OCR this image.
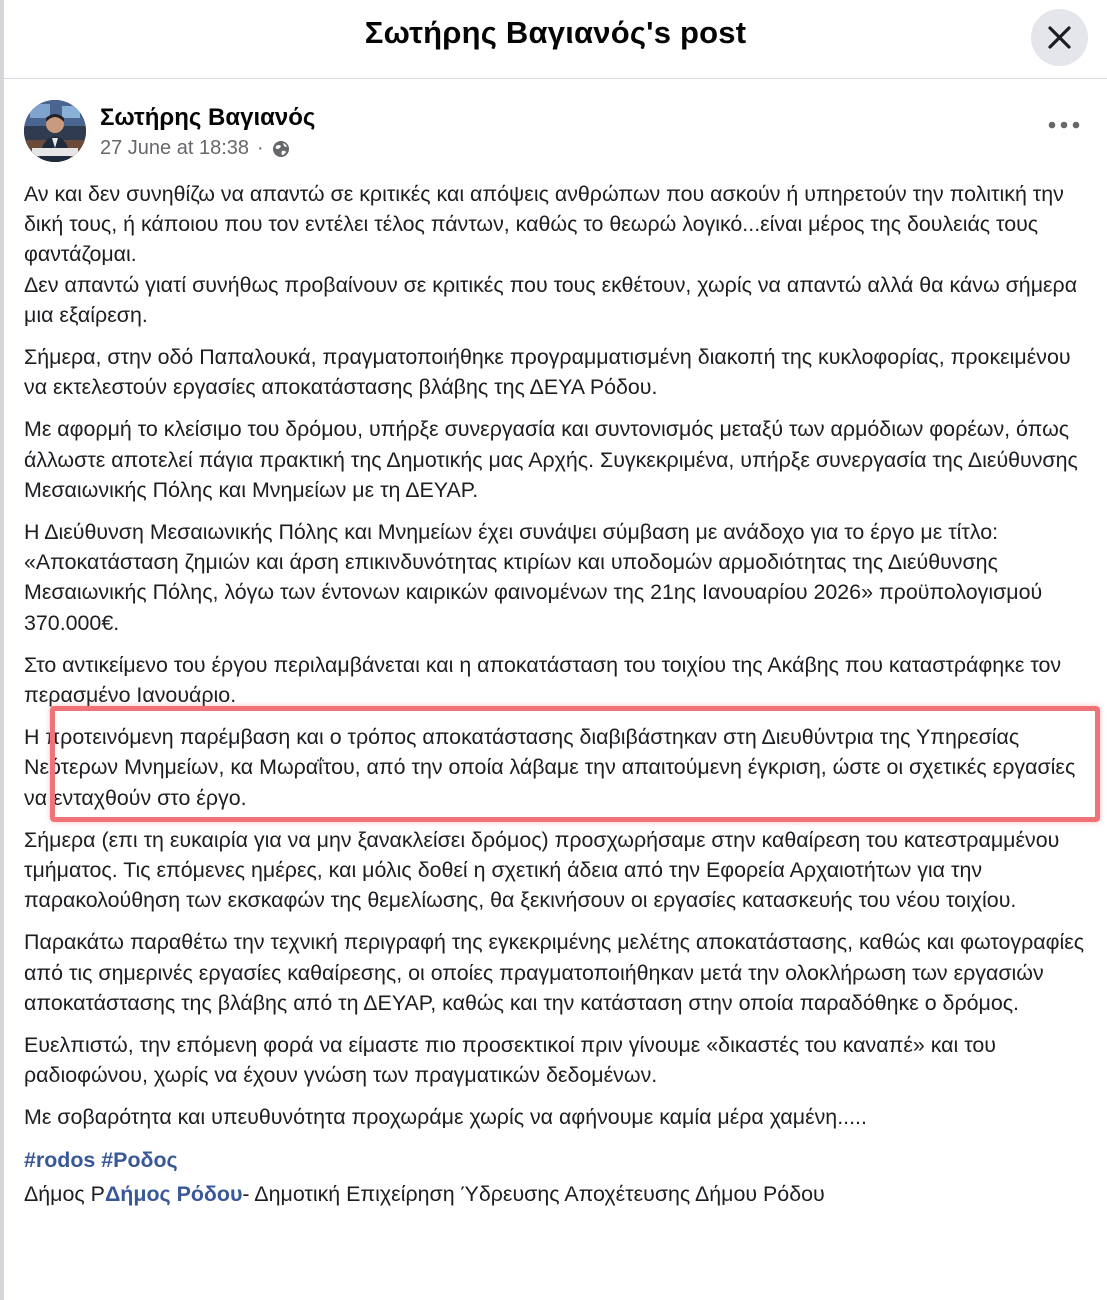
Σωτήρης Βαγιανός's post
Σωτήρης Βαγιανός
27 June at 18:38 ·

Αν και δεν συνηθίζω να απαντώ σε κριτικές και απόψεις ανθρώπων που ασκούν ή υπηρετούν την πολιτική την δική τους, ή κάποιου που τον εντέλει τέλος πάντων, καθώς το θεωρώ λογικό...είναι μέρος της δουλειάς τους φαντάζομαι.
Δεν απαντώ γιατί συνήθως προβαίνουν σε κριτικές που τους εκθέτουν, χωρίς να απαντώ αλλά θα κάνω σήμερα μια εξαίρεση.

Σήμερα, στην οδό Παπαλουκά, πραγματοποιήθηκε προγραμματισμένη διακοπή της κυκλοφορίας, προκειμένου να εκτελεστούν εργασίες αποκατάστασης βλάβης της ΔΕΥΑ Ρόδου.

Με αφορμή το κλείσιμο του δρόμου, υπήρξε συνεργασία και συντονισμός μεταξύ των αρμόδιων φορέων, όπως άλλωστε αποτελεί πάγια πρακτική της Δημοτικής μας Αρχής. Συγκεκριμένα, υπήρξε συνεργασία της Διεύθυνσης Μεσαιωνικής Πόλης και Μνημείων με τη ΔΕΥΑΡ.

Η Διεύθυνση Μεσαιωνικής Πόλης και Μνημείων έχει συνάψει σύμβαση με ανάδοχο για το έργο με τίτλο: «Αποκατάσταση ζημιών και άρση επικινδυνότητας κτιρίων και υποδομών αρμοδιότητας της Διεύθυνσης Μεσαιωνικής Πόλης, λόγω των έντονων καιρικών φαινομένων της 21ης Ιανουαρίου 2026» προϋπολογισμού 370.000€.

Στο αντικείμενο του έργου περιλαμβάνεται και η αποκατάσταση του τοιχίου της Ακάβης που καταστράφηκε τον περασμένο Ιανουάριο.

Η προτεινόμενη παρέμβαση και ο τρόπος αποκατάστασης διαβιβάστηκαν στη Διευθύντρια της Υπηρεσίας Νεότερων Μνημείων, κα Μωραΐτου, από την οποία λάβαμε την απαιτούμενη έγκριση, ώστε οι σχετικές εργασίες να ενταχθούν στο έργο.

Σήμερα (επι τη ευκαιρία για να μην ξανακλείσει δρόμος) προσχωρήσαμε στην καθαίρεση του κατεστραμμένου τμήματος. Τις επόμενες ημέρες, και μόλις δοθεί η σχετική άδεια από την Εφορεία Αρχαιοτήτων για την παρακολούθηση των εκσκαφών της θεμελίωσης, θα ξεκινήσουν οι εργασίες κατασκευής του νέου τοιχίου.

Παρακάτω παραθέτω την τεχνική περιγραφή της εγκεκριμένης μελέτης αποκατάστασης, καθώς και φωτογραφίες από τις σημερινές εργασίες καθαίρεσης, οι οποίες πραγματοποιήθηκαν μετά την ολοκλήρωση των εργασιών αποκατάστασης της βλάβης από τη ΔΕΥΑΡ, καθώς και την κατάσταση στην οποία παραδόθηκε ο δρόμος.

Ευελπιστώ, την επόμενη φορά να είμαστε πιο προσεκτικοί πριν γίνουμε «δικαστές του καναπέ» και του ραδιοφώνου, χωρίς να έχουν γνώση των πραγματικών δεδομένων.

Με σοβαρότητα και υπευθυνότητα προχωράμε χωρίς να αφήνουμε καμία μέρα χαμένη.....

#rodos #Ροδος
Δήμος ΡΔήμος Ρόδου- Δημοτική Επιχείρηση Ύδρευσης Αποχέτευσης Δήμου Ρόδου
